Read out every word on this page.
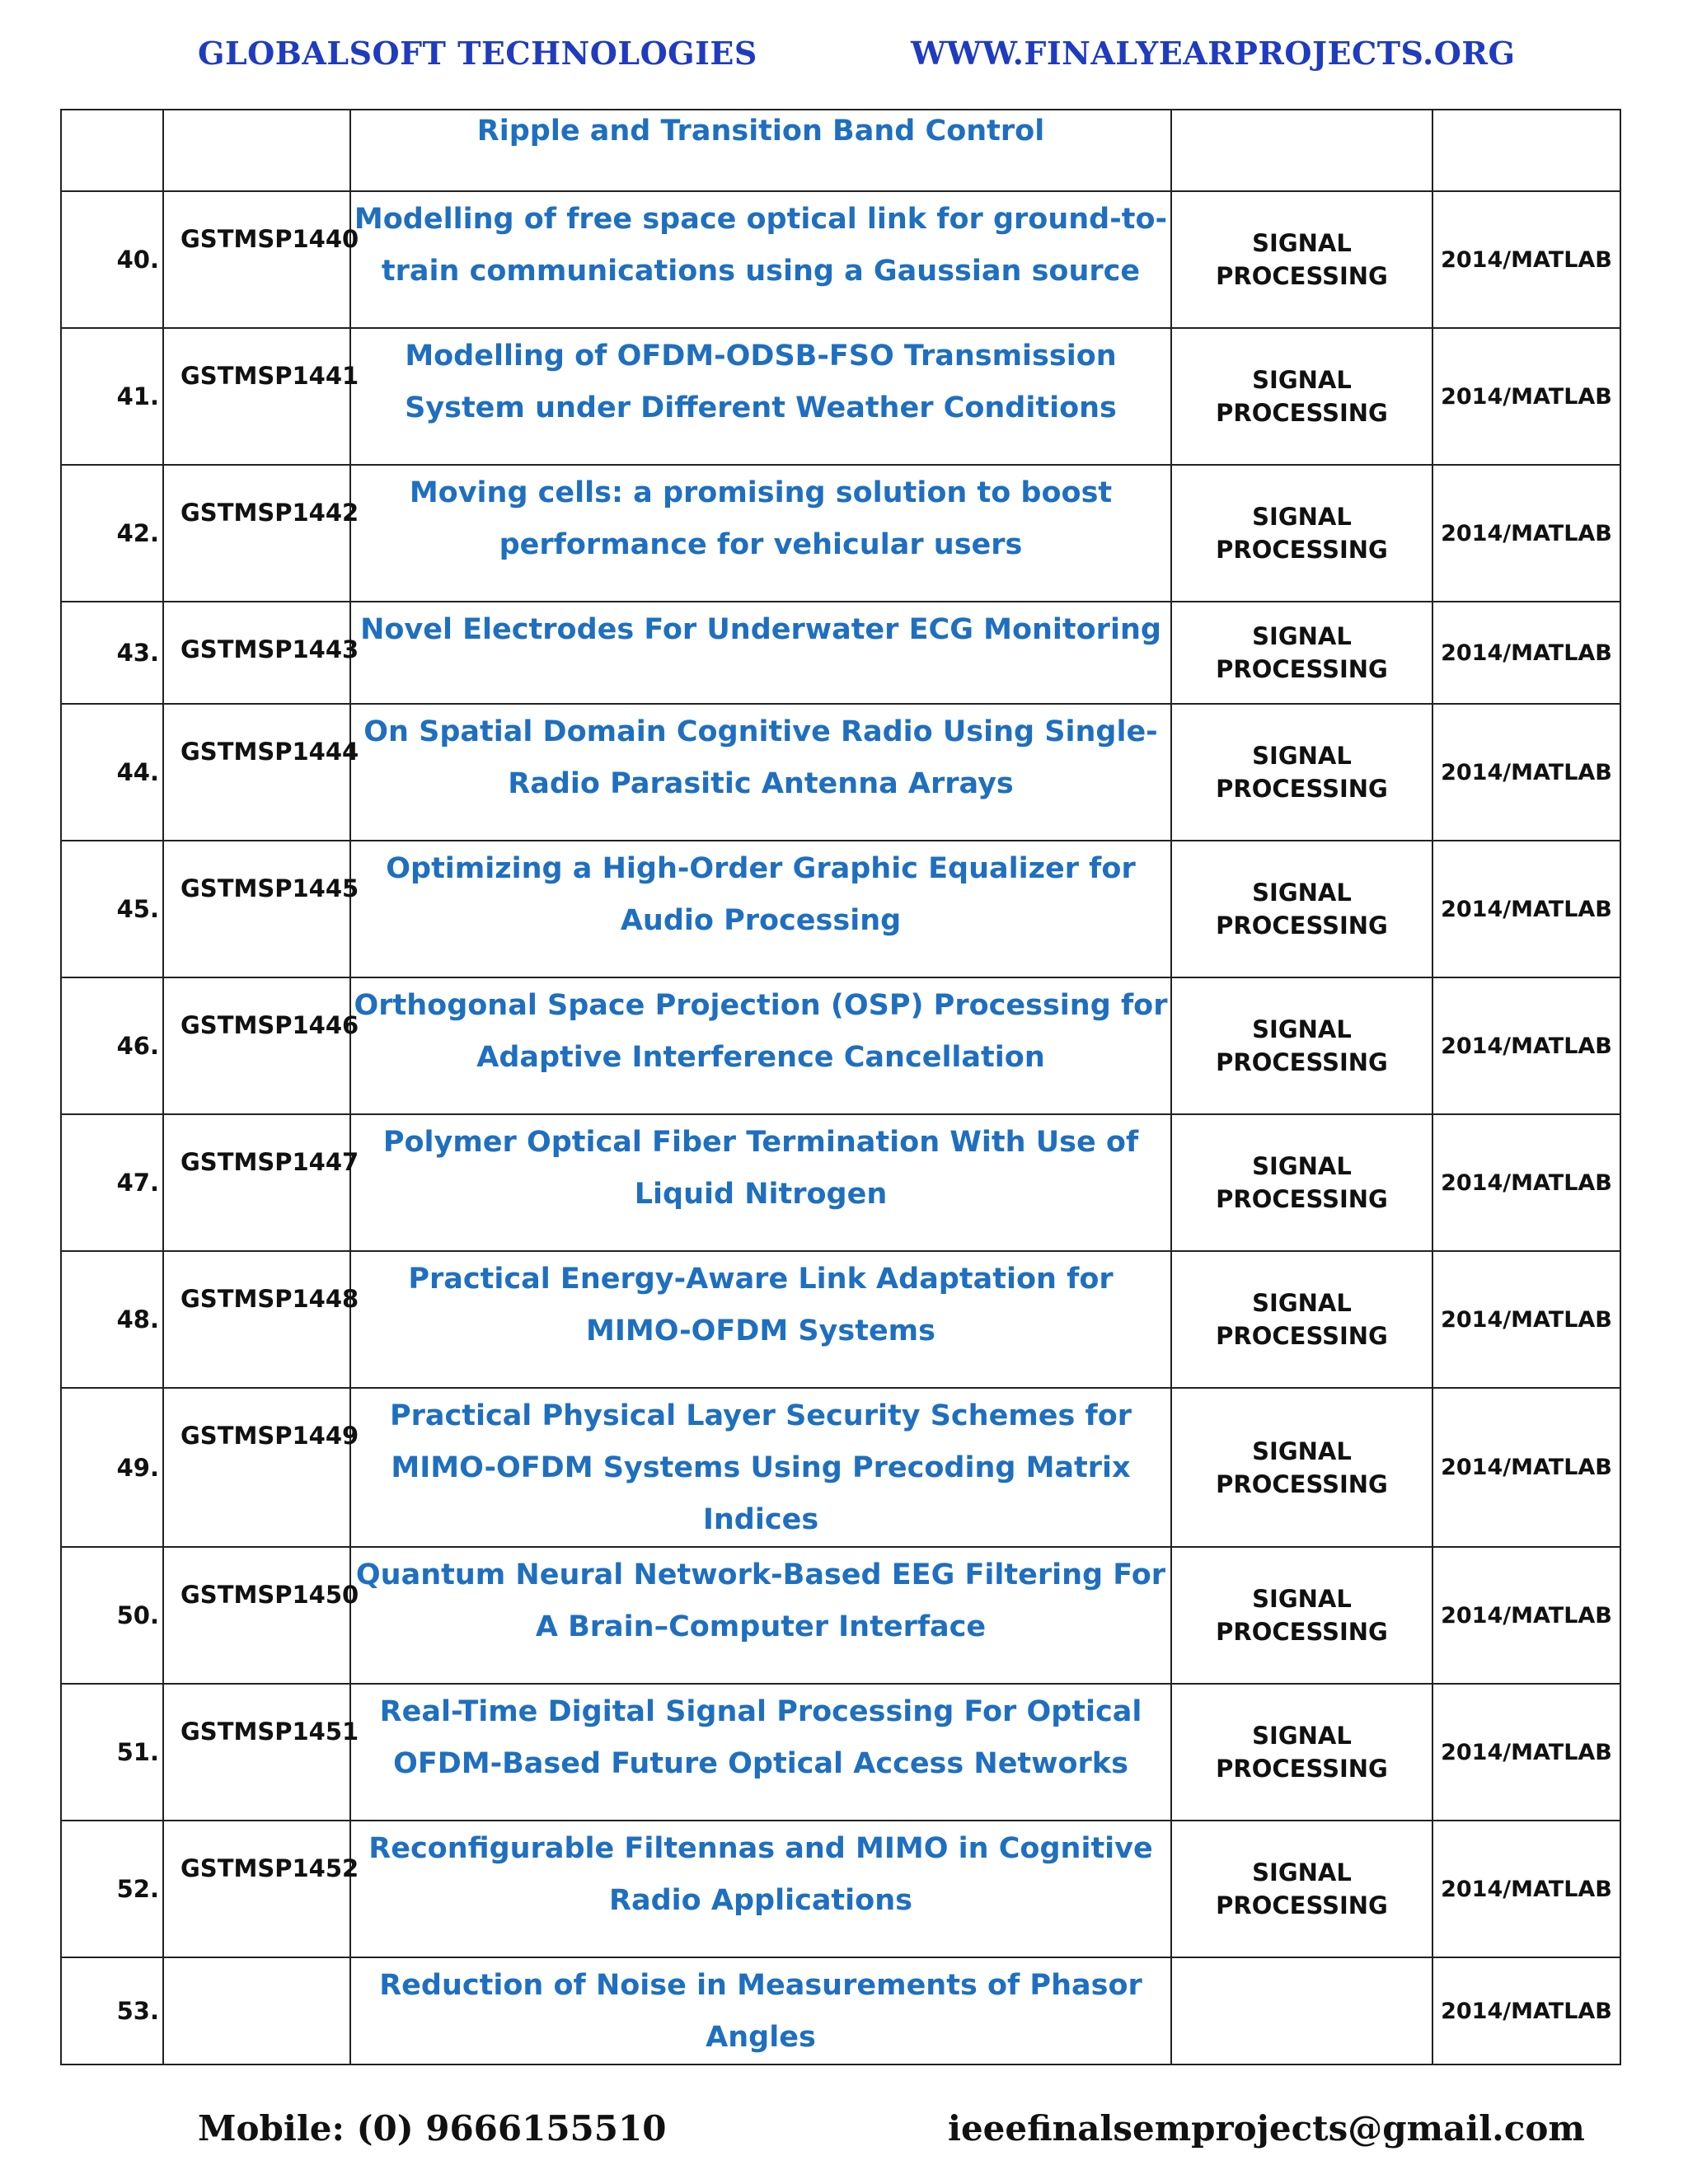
GLOBALSOFT TECHNOLOGIES	WWW.FINALYEARPROJECTS.ORG
		Ripple and Transition Band Control		
40.	GSTMSP1440	Modelling of free space optical link for ground-to-train communications using a Gaussian source	SIGNAL PROCESSING	2014/MATLAB
41.	GSTMSP1441	Modelling of OFDM-ODSB-FSO Transmission System under Different Weather Conditions	SIGNAL PROCESSING	2014/MATLAB
42.	GSTMSP1442	Moving cells: a promising solution to boost performance for vehicular users	SIGNAL PROCESSING	2014/MATLAB
43.	GSTMSP1443	Novel Electrodes For Underwater ECG Monitoring	SIGNAL PROCESSING	2014/MATLAB
44.	GSTMSP1444	On Spatial Domain Cognitive Radio Using Single-Radio Parasitic Antenna Arrays	SIGNAL PROCESSING	2014/MATLAB
45.	GSTMSP1445	Optimizing a High-Order Graphic Equalizer for Audio Processing	SIGNAL PROCESSING	2014/MATLAB
46.	GSTMSP1446	Orthogonal Space Projection (OSP) Processing for Adaptive Interference Cancellation	SIGNAL PROCESSING	2014/MATLAB
47.	GSTMSP1447	Polymer Optical Fiber Termination With Use of Liquid Nitrogen	SIGNAL PROCESSING	2014/MATLAB
48.	GSTMSP1448	Practical Energy-Aware Link Adaptation for MIMO-OFDM Systems	SIGNAL PROCESSING	2014/MATLAB
49.	GSTMSP1449	Practical Physical Layer Security Schemes for MIMO-OFDM Systems Using Precoding Matrix Indices	SIGNAL PROCESSING	2014/MATLAB
50.	GSTMSP1450	Quantum Neural Network-Based EEG Filtering For A Brain–Computer Interface	SIGNAL PROCESSING	2014/MATLAB
51.	GSTMSP1451	Real-Time Digital Signal Processing For Optical OFDM-Based Future Optical Access Networks	SIGNAL PROCESSING	2014/MATLAB
52.	GSTMSP1452	Reconfigurable Filtennas and MIMO in Cognitive Radio Applications	SIGNAL PROCESSING	2014/MATLAB
53.		Reduction of Noise in Measurements of Phasor Angles		2014/MATLAB
Mobile: (0) 9666155510	ieeefinalsemprojects@gmail.com
